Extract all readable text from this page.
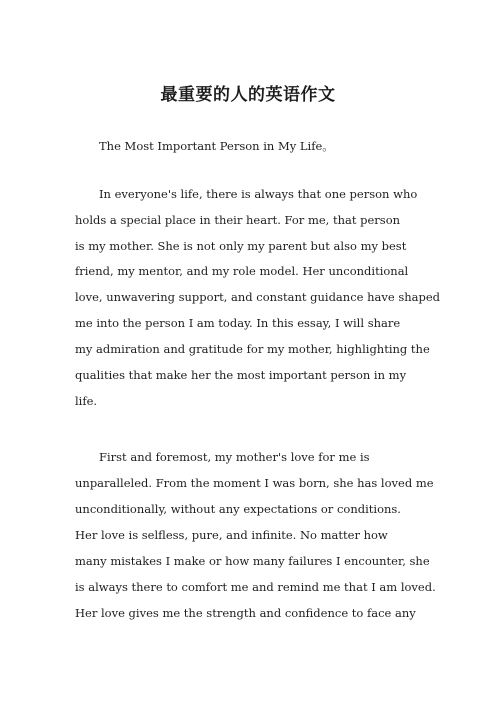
最重要的人的英语作文
The Most Important Person in My Life。
In everyone's life, there is always that one person who
holds a special place in their heart. For me, that person
is my mother. She is not only my parent but also my best
friend, my mentor, and my role model. Her unconditional
love, unwavering support, and constant guidance have shaped
me into the person I am today. In this essay, I will share
my admiration and gratitude for my mother, highlighting the
qualities that make her the most important person in my
life.
First and foremost, my mother's love for me is
unparalleled. From the moment I was born, she has loved me
unconditionally, without any expectations or conditions.
Her love is selfless, pure, and infinite. No matter how
many mistakes I make or how many failures I encounter, she
is always there to comfort me and remind me that I am loved.
Her love gives me the strength and confidence to face any
